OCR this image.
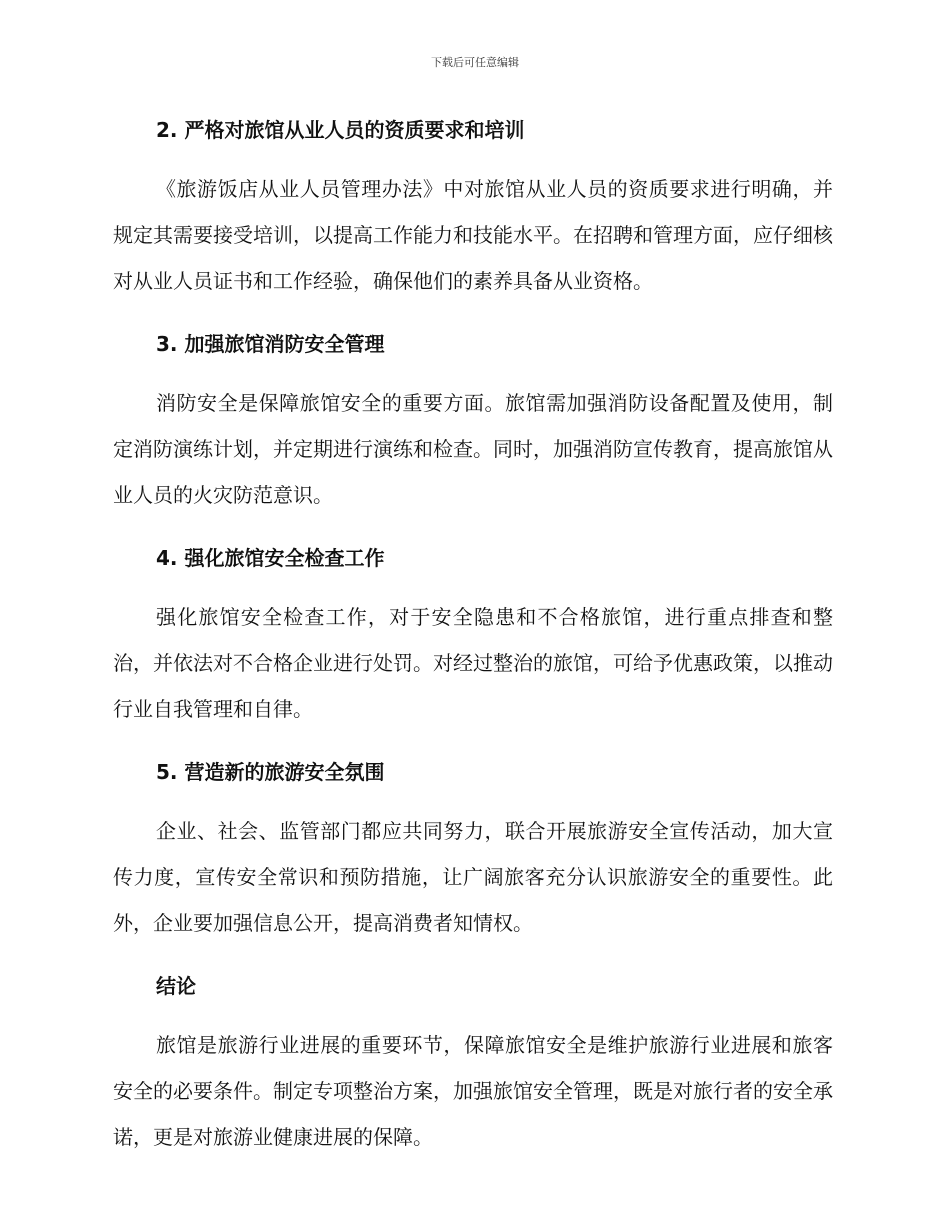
下载后可任意编辑
2. 严格对旅馆从业人员的资质要求和培训

《旅游饭店从业人员管理办法》中对旅馆从业人员的资质要求进行明确，并规定其需要接受培训，以提高工作能力和技能水平。在招聘和管理方面，应仔细核对从业人员证书和工作经验，确保他们的素养具备从业资格。

3. 加强旅馆消防安全管理

消防安全是保障旅馆安全的重要方面。旅馆需加强消防设备配置及使用，制定消防演练计划，并定期进行演练和检查。同时，加强消防宣传教育，提高旅馆从业人员的火灾防范意识。

4. 强化旅馆安全检查工作

强化旅馆安全检查工作，对于安全隐患和不合格旅馆，进行重点排查和整治，并依法对不合格企业进行处罚。对经过整治的旅馆，可给予优惠政策，以推动行业自我管理和自律。

5. 营造新的旅游安全氛围

企业、社会、监管部门都应共同努力，联合开展旅游安全宣传活动，加大宣传力度，宣传安全常识和预防措施，让广阔旅客充分认识旅游安全的重要性。此外，企业要加强信息公开，提高消费者知情权。

结论

旅馆是旅游行业进展的重要环节，保障旅馆安全是维护旅游行业进展和旅客安全的必要条件。制定专项整治方案，加强旅馆安全管理，既是对旅行者的安全承诺，更是对旅游业健康进展的保障。
